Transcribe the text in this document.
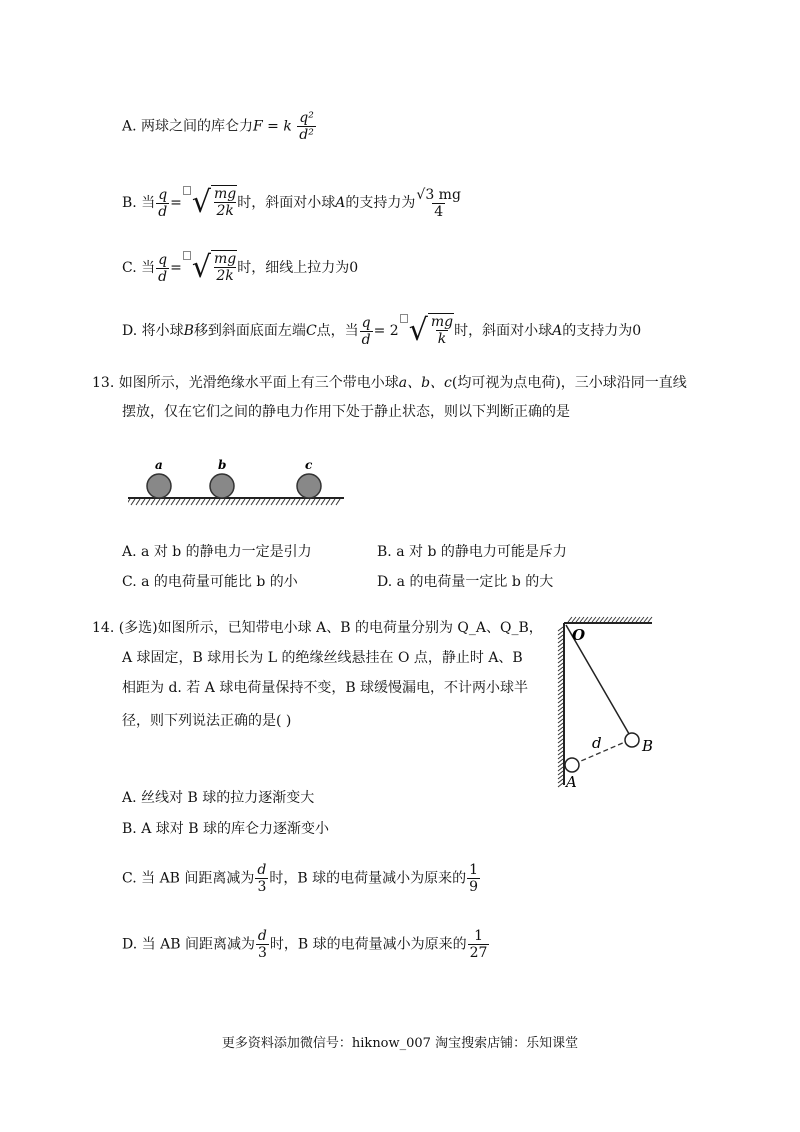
A. 两球之间的库仑力F = k $\frac{\text{q²}}{\text{d²}}$
B. 当 $\frac{q}{d}$ = √ $\frac{mg}{2k}$ 时，斜面对小球A的支持力为 $\frac{√3 mg}{4}$
C. 当 $\frac{q}{d}$ = √ $\frac{mg}{2k}$ 时，细线上拉力为0
D. 将小球B移到斜面底面左端C点，当 $\frac{q}{d} = 2$ √ $\frac{mg}{k}$ 时，斜面对小球A的支持力为0
13. 如图所示，光滑绝缘水平面上有三个带电小球a、b、c(均可视为点电荷)，三小球沿同一直线
摆放，仅在它们之间的静电力作用下处于静止状态，则以下判断正确的是
a	b	c
A. a 对 b 的静电力一定是引力	B. a 对 b 的静电力可能是斥力
C. a 的电荷量可能比 b 的小	D. a 的电荷量一定比 b 的大
14. (多选)如图所示，已知带电小球 A、B 的电荷量分别为 Q_A、Q_B，
A 球固定，B 球用长为 L 的绝缘丝线悬挂在 O 点，静止时 A、B
相距为 d. 若 A 球电荷量保持不变，B 球缓慢漏电，不计两小球半
径，则下列说法正确的是( )
O
B
A
d
A. 丝线对 B 球的拉力逐渐变大
B. A 球对 B 球的库仑力逐渐变小
C. 当 AB 间距离减为 $\frac{d}{3}$ 时，B 球的电荷量减小为原来的 $\frac{1}{9}$
D. 当 AB 间距离减为 $\frac{d}{3}$ 时，B 球的电荷量减小为原来的 $\frac{1}{27}$
更多资料添加微信号：hiknow_007 淘宝搜索店铺：乐知课堂
